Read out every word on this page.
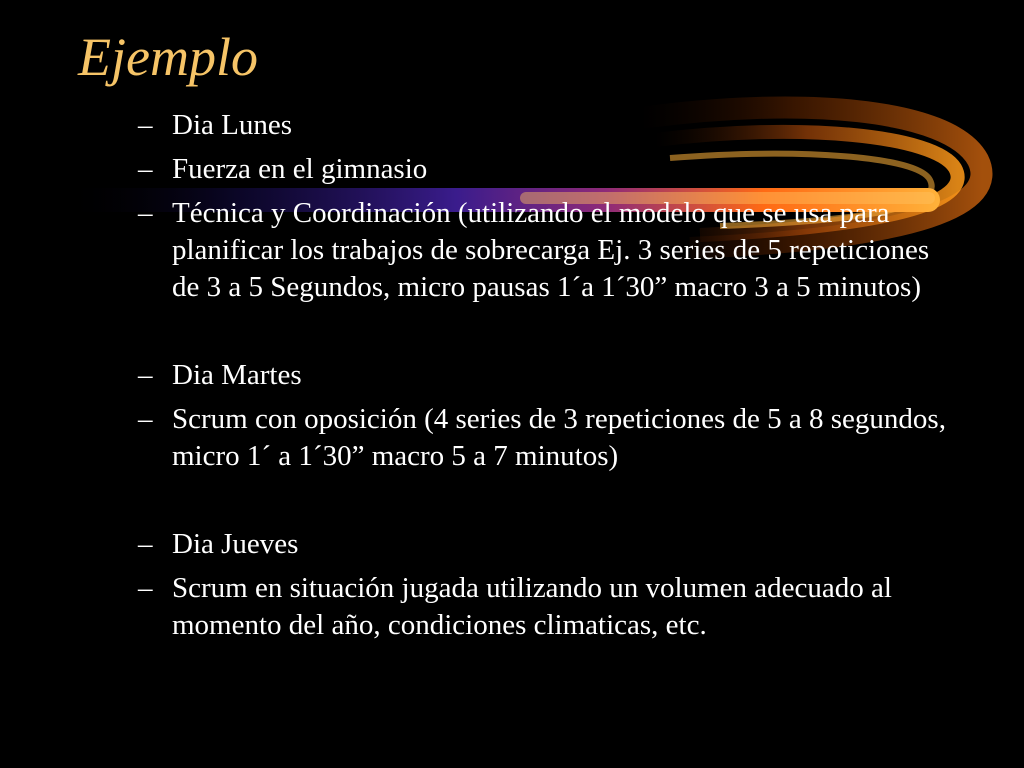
Ejemplo
– Dia Lunes
– Fuerza en el gimnasio
– Técnica y Coordinación (utilizando el modelo que se usa para planificar los trabajos de sobrecarga Ej. 3 series de 5 repeticiones de 3 a 5 Segundos, micro pausas 1´a 1´30” macro 3 a 5 minutos)
– Dia Martes
– Scrum con oposición (4 series de 3 repeticiones de 5 a 8 segundos, micro 1´ a 1´30” macro 5 a 7 minutos)
– Dia Jueves
– Scrum en situación jugada utilizando un volumen adecuado al momento del año, condiciones climaticas, etc.
